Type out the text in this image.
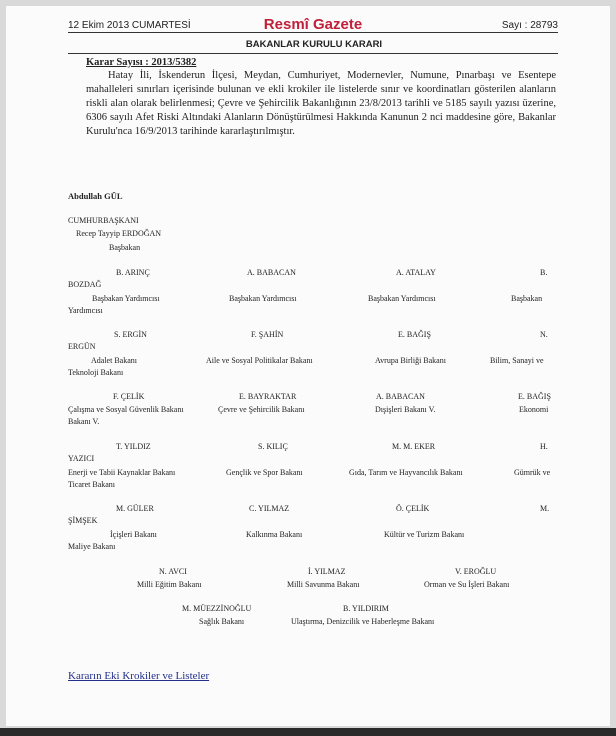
12 Ekim 2013 CUMARTESİ	Resmî Gazete	Sayı : 28793
BAKANLAR KURULU KARARI
Karar Sayısı : 2013/5382
Hatay İli, İskenderun İlçesi, Meydan, Cumhuriyet, Modernevler, Numune, Pınarbaşı ve Esentepe mahalleleri sınırları içerisinde bulunan ve ekli krokiler ile listelerde sınır ve koordinatları gösterilen alanların riskli alan olarak belirlenmesi; Çevre ve Şehircilik Bakanlığının 23/8/2013 tarihli ve 5185 sayılı yazısı üzerine, 6306 sayılı Afet Riski Altındaki Alanların Dönüştürülmesi Hakkında Kanunun 2 nci maddesine göre, Bakanlar Kurulu'nca 16/9/2013 tarihinde kararlaştırılmıştır.
Abdullah GÜL
CUMHURBAŞKANI
Recep Tayyip ERDOĞAN
Başbakan
B. ARINÇ	A. BABACAN	A. ATALAY	B.
BOZDAĞ
Başbakan Yardımcısı	Başbakan Yardımcısı	Başbakan Yardımcısı	Başbakan
Yardımcısı
S. ERGİN	F. ŞAHİN	E. BAĞIŞ	N.
ERGÜN
Adalet Bakanı	Aile ve Sosyal Politikalar Bakanı	Avrupa Birliği Bakanı	Bilim, Sanayi ve
Teknoloji Bakanı
F. ÇELİK	E. BAYRAKTAR	A. BABACAN	E. BAĞIŞ
Çalışma ve Sosyal Güvenlik Bakanı	Çevre ve Şehircilik Bakanı	Dışişleri Bakanı V.	Ekonomi
Bakanı V.
T. YILDIZ	S. KILIÇ	M. M. EKER	H.
YAZICI
Enerji ve Tabii Kaynaklar Bakanı	Gençlik ve Spor Bakanı	Gıda, Tarım ve Hayvancılık Bakanı	Gümrük ve
Ticaret Bakanı
M. GÜLER	C. YILMAZ	Ö. ÇELİK	M.
ŞİMŞEK
İçişleri Bakanı	Kalkınma Bakanı	Kültür ve Turizm Bakanı
Maliye Bakanı
N. AVCI	İ. YILMAZ	V. EROĞLU
Milli Eğitim Bakanı	Milli Savunma Bakanı	Orman ve Su İşleri Bakanı
M. MÜEZZİNOĞLU	B. YILDIRIM
Sağlık Bakanı	Ulaştırma, Denizcilik ve Haberleşme Bakanı
Kararın Eki Krokiler ve Listeler
